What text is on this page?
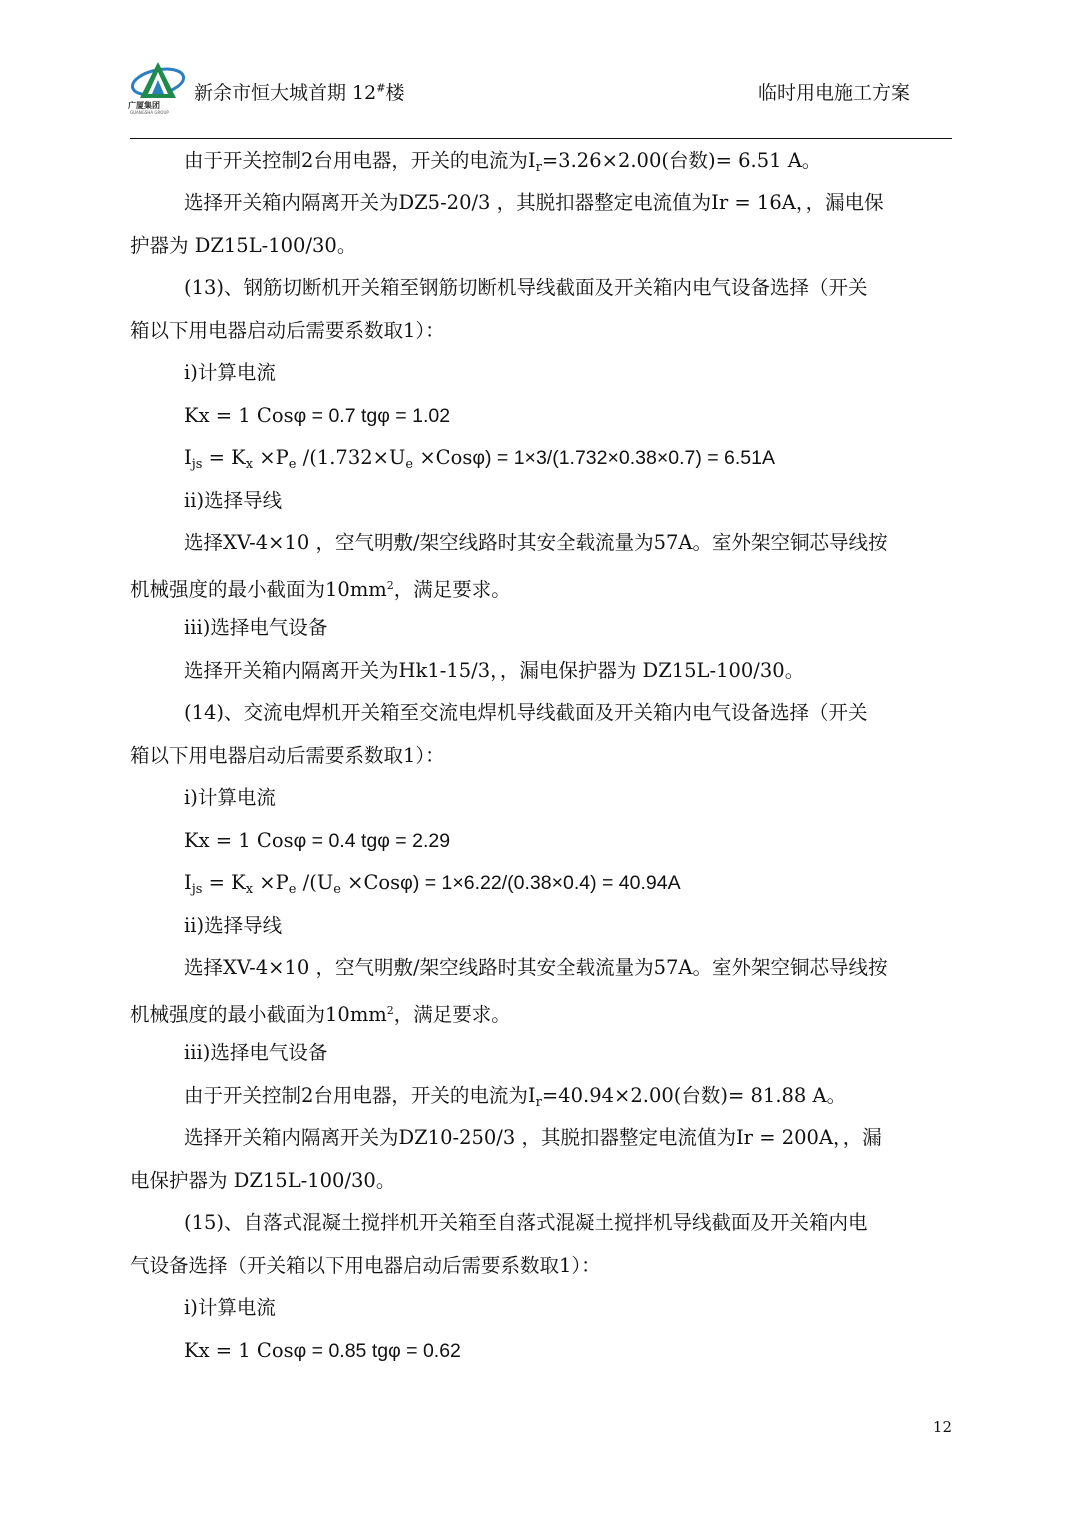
广厦集团
GUANGSHA GROUP
新余市恒大城首期 12#楼	临时用电施工方案
由于开关控制2台用电器，开关的电流为$I_r=3.26\times 2.00$(台数)= 6.51 A。
选择开关箱内隔离开关为DZ5-20/3 ，其脱扣器整定电流值为Ir = 16A，，漏电保
护器为 DZ15L-100/30。
(13)、钢筋切断机开关箱至钢筋切断机导线截面及开关箱内电气设备选择（开关
箱以下用电器启动后需要系数取1）：
i)计算电流
Kx = 1 Cosφ = 0.7 tgφ = 1.02
$I_{js} = K_x \times P_e$ $/(1.732\times U_e \times Cos\varphi) = 1\times 3/(1.732\times 0.38\times 0.7) = 6.51A$
ii)选择导线
选择XV-4×10 ，空气明敷/架空线路时其安全载流量为57A。室外架空铜芯导线按
机械强度的最小截面为$10mm^2$，满足要求。
iii)选择电气设备
选择开关箱内隔离开关为Hk1-15/3，，漏电保护器为 DZ15L-100/30。
(14)、交流电焊机开关箱至交流电焊机导线截面及开关箱内电气设备选择（开关
箱以下用电器启动后需要系数取1）：
i)计算电流
Kx = 1 Cosφ = 0.4 tgφ = 2.29
$I_{js} = K_x \times P_e$ $/(U_e \times Cos\varphi) = 1\times 6.22/(0.38\times 0.4) = 40.94A$
ii)选择导线
选择XV-4×10 ，空气明敷/架空线路时其安全载流量为57A。室外架空铜芯导线按
机械强度的最小截面为$10mm^2$，满足要求。
iii)选择电气设备
由于开关控制2台用电器，开关的电流为$I_r=40.94\times 2.00$(台数)= 81.88 A。
选择开关箱内隔离开关为DZ10-250/3 ，其脱扣器整定电流值为Ir = 200A，，漏
电保护器为 DZ15L-100/30。
(15)、自落式混凝土搅拌机开关箱至自落式混凝土搅拌机导线截面及开关箱内电
气设备选择（开关箱以下用电器启动后需要系数取1）：
i)计算电流
Kx = 1 Cosφ = 0.85 tgφ = 0.62
12
